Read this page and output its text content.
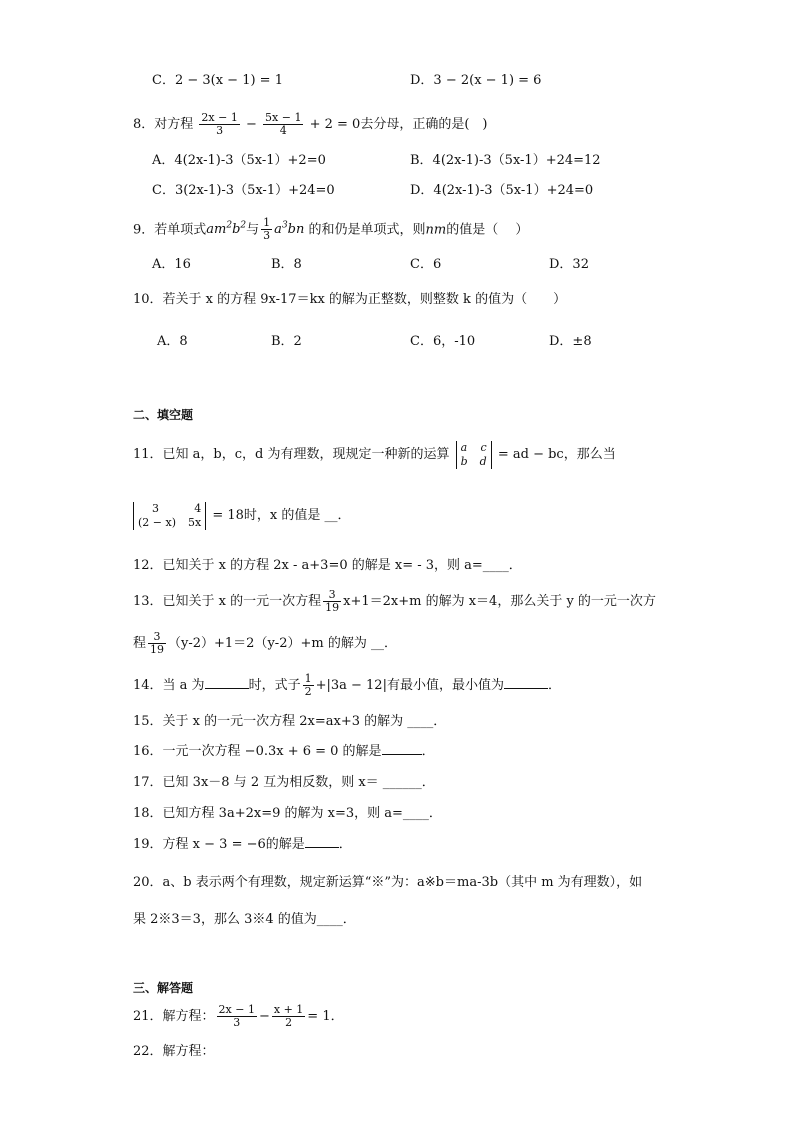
C．2 − 3(x − 1) = 1	D．3 − 2(x − 1) = 6
8．对方程 $\frac{2x - 1}{3} - \frac{5x - 1}{4} + 2 = 0$去分母，正确的是(　)
A．4(2x-1)-3（5x-1）+2=0	B．4(2x-1)-3（5x-1）+24=12
C．3(2x-1)-3（5x-1）+24=0	D．4(2x-1)-3（5x-1）+24=0
9．若单项式$am^2b^2$与 $\frac{1}{3} a^3bn$ 的和仍是单项式，则nm的值是（　 ）
A．16	B．8	C．6	D．32
10．若关于 x 的方程 9x-17＝kx 的解为正整数，则整数 k 的值为（　　）
A．8	B．2	C．6，-10	D．±8
二、填空题
11．已知 a，b，c，d 为有理数，现规定一种新的运算 a c
b d = ad − bc，那么当
3	4
(2 − x) 5x = 18时，x 的值是 __．
12．已知关于 x 的方程 2x - a+3=0 的解是 x= - 3，则 a=____．
13．已知关于 x 的一元一次方程 $\frac{3}{19} x+1=2x+m$ 的解为 x＝4，那么关于 y 的一元一次方
程 $\frac{3}{19} (y-2)+1=2(y-2)+m$ 的解为 __．
14．当 a 为	时，式子 $\frac{1}{2} +|3a - 12|$有最小值，最小值为	．
15．关于 x 的一元一次方程 2x=ax+3 的解为 ____．
16．一元一次方程 −0.3x + 6 = 0 的解是	．
17．已知 3x－8 与 2 互为相反数，则 x＝ ______．
18．已知方程 3a+2x=9 的解为 x=3，则 a=____．
19．方程 x − 3 = −6的解是	．
20．a、b 表示两个有理数，规定新运算“※”为：a※b＝ma-3b（其中 m 为有理数），如
果 2※3＝3，那么 3※4 的值为____．
三、解答题
21．解方程： $\frac{2x - 1}{3} - \frac{x + 1}{2} = 1$．
22．解方程：
